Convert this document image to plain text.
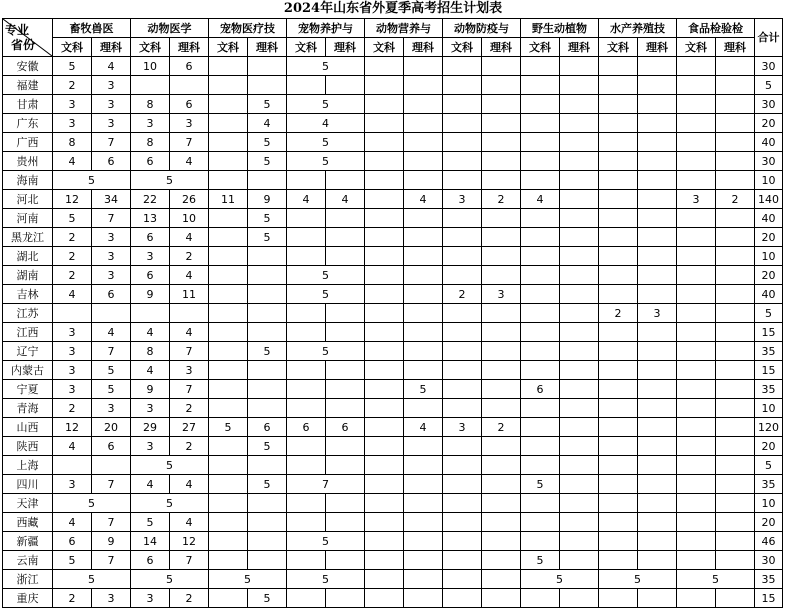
2024年山东省外夏季高考招生计划表
专业
省份	畜牧兽医		动物医学		宠物医疗技		宠物养护与		动物营养与		动物防疫与		野生动植物		水产养殖技		食品检验检		合计
	文科	理科	文科	理科	文科	理科	文科	理科	文科	理科	文科	理科	文科	理科	文科	理科	文科	理科	
安徽	5	4	10	6			5												30
福建	2	3																	5
甘肃	3	3	8	6		5	5												30
广东	3	3	3	3		4	4												20
广西	8	7	8	7		5	5												40
贵州	4	6	6	4		5	5												30
海南	5		5																10
河北	12	34	22	26	11	9	4	4		4	3	2	4				3	2	140
河南	5	7	13	10		5													40
黑龙江	2	3	6	4		5													20
湖北	2	3	3	2															10
湖南	2	3	6	4			5												20
吉林	4	6	9	11			5				2	3							40
江苏															2	3			5
江西	3	4	4	4															15
辽宁	3	7	8	7		5	5												35
内蒙古	3	5	4	3															15
宁夏	3	5	9	7						5			6						35
青海	2	3	3	2															10
山西	12	20	29	27	5	6	6	6		4	3	2							120
陕西	4	6	3	2		5													20
上海			5																5
四川	3	7	4	4		5	7						5						35
天津	5		5																10
西藏	4	7	5	4															20
新疆	6	9	14	12			5												46
云南	5	7	6	7									5						30
浙江	5		5		5		5						5		5		5		35
重庆	2	3	3	2		5													15
